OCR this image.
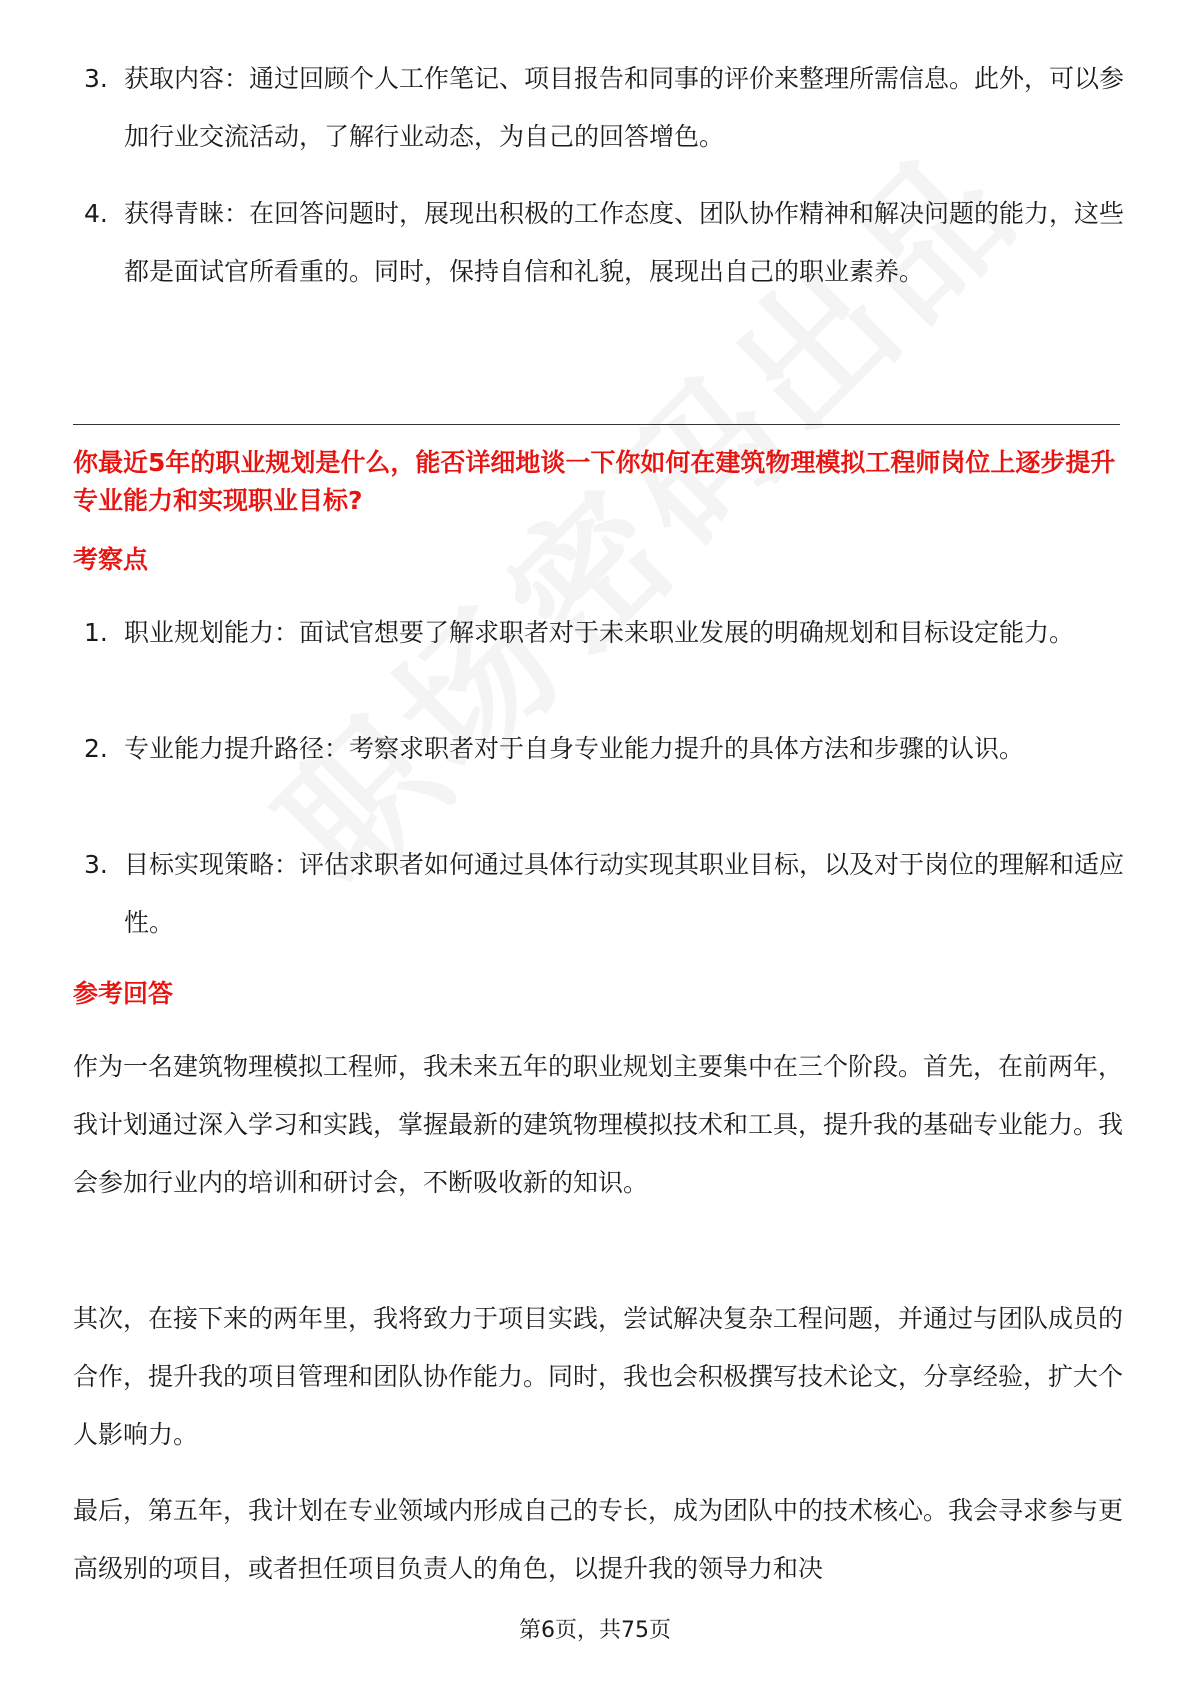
3. 获取内容：通过回顾个人工作笔记、项目报告和同事的评价来整理所需信息。此外，可以参加行业交流活动，了解行业动态，为自己的回答增色。
4. 获得青睐：在回答问题时，展现出积极的工作态度、团队协作精神和解决问题的能力，这些都是面试官所看重的。同时，保持自信和礼貌，展现出自己的职业素养。
你最近5年的职业规划是什么，能否详细地谈一下你如何在建筑物理模拟工程师岗位上逐步提升专业能力和实现职业目标?
考察点
1. 职业规划能力：面试官想要了解求职者对于未来职业发展的明确规划和目标设定能力。
2. 专业能力提升路径：考察求职者对于自身专业能力提升的具体方法和步骤的认识。
3. 目标实现策略：评估求职者如何通过具体行动实现其职业目标，以及对于岗位的理解和适应性。
参考回答

作为一名建筑物理模拟工程师，我未来五年的职业规划主要集中在三个阶段。首先，在前两年，我计划通过深入学习和实践，掌握最新的建筑物理模拟技术和工具，提升我的基础专业能力。我会参加行业内的培训和研讨会，不断吸收新的知识。

其次，在接下来的两年里，我将致力于项目实践，尝试解决复杂工程问题，并通过与团队成员的合作，提升我的项目管理和团队协作能力。同时，我也会积极撰写技术论文，分享经验，扩大个人影响力。

最后，第五年，我计划在专业领域内形成自己的专长，成为团队中的技术核心。我会寻求参与更高级别的项目，或者担任项目负责人的角色，以提升我的领导力和决

第6页，共75页
